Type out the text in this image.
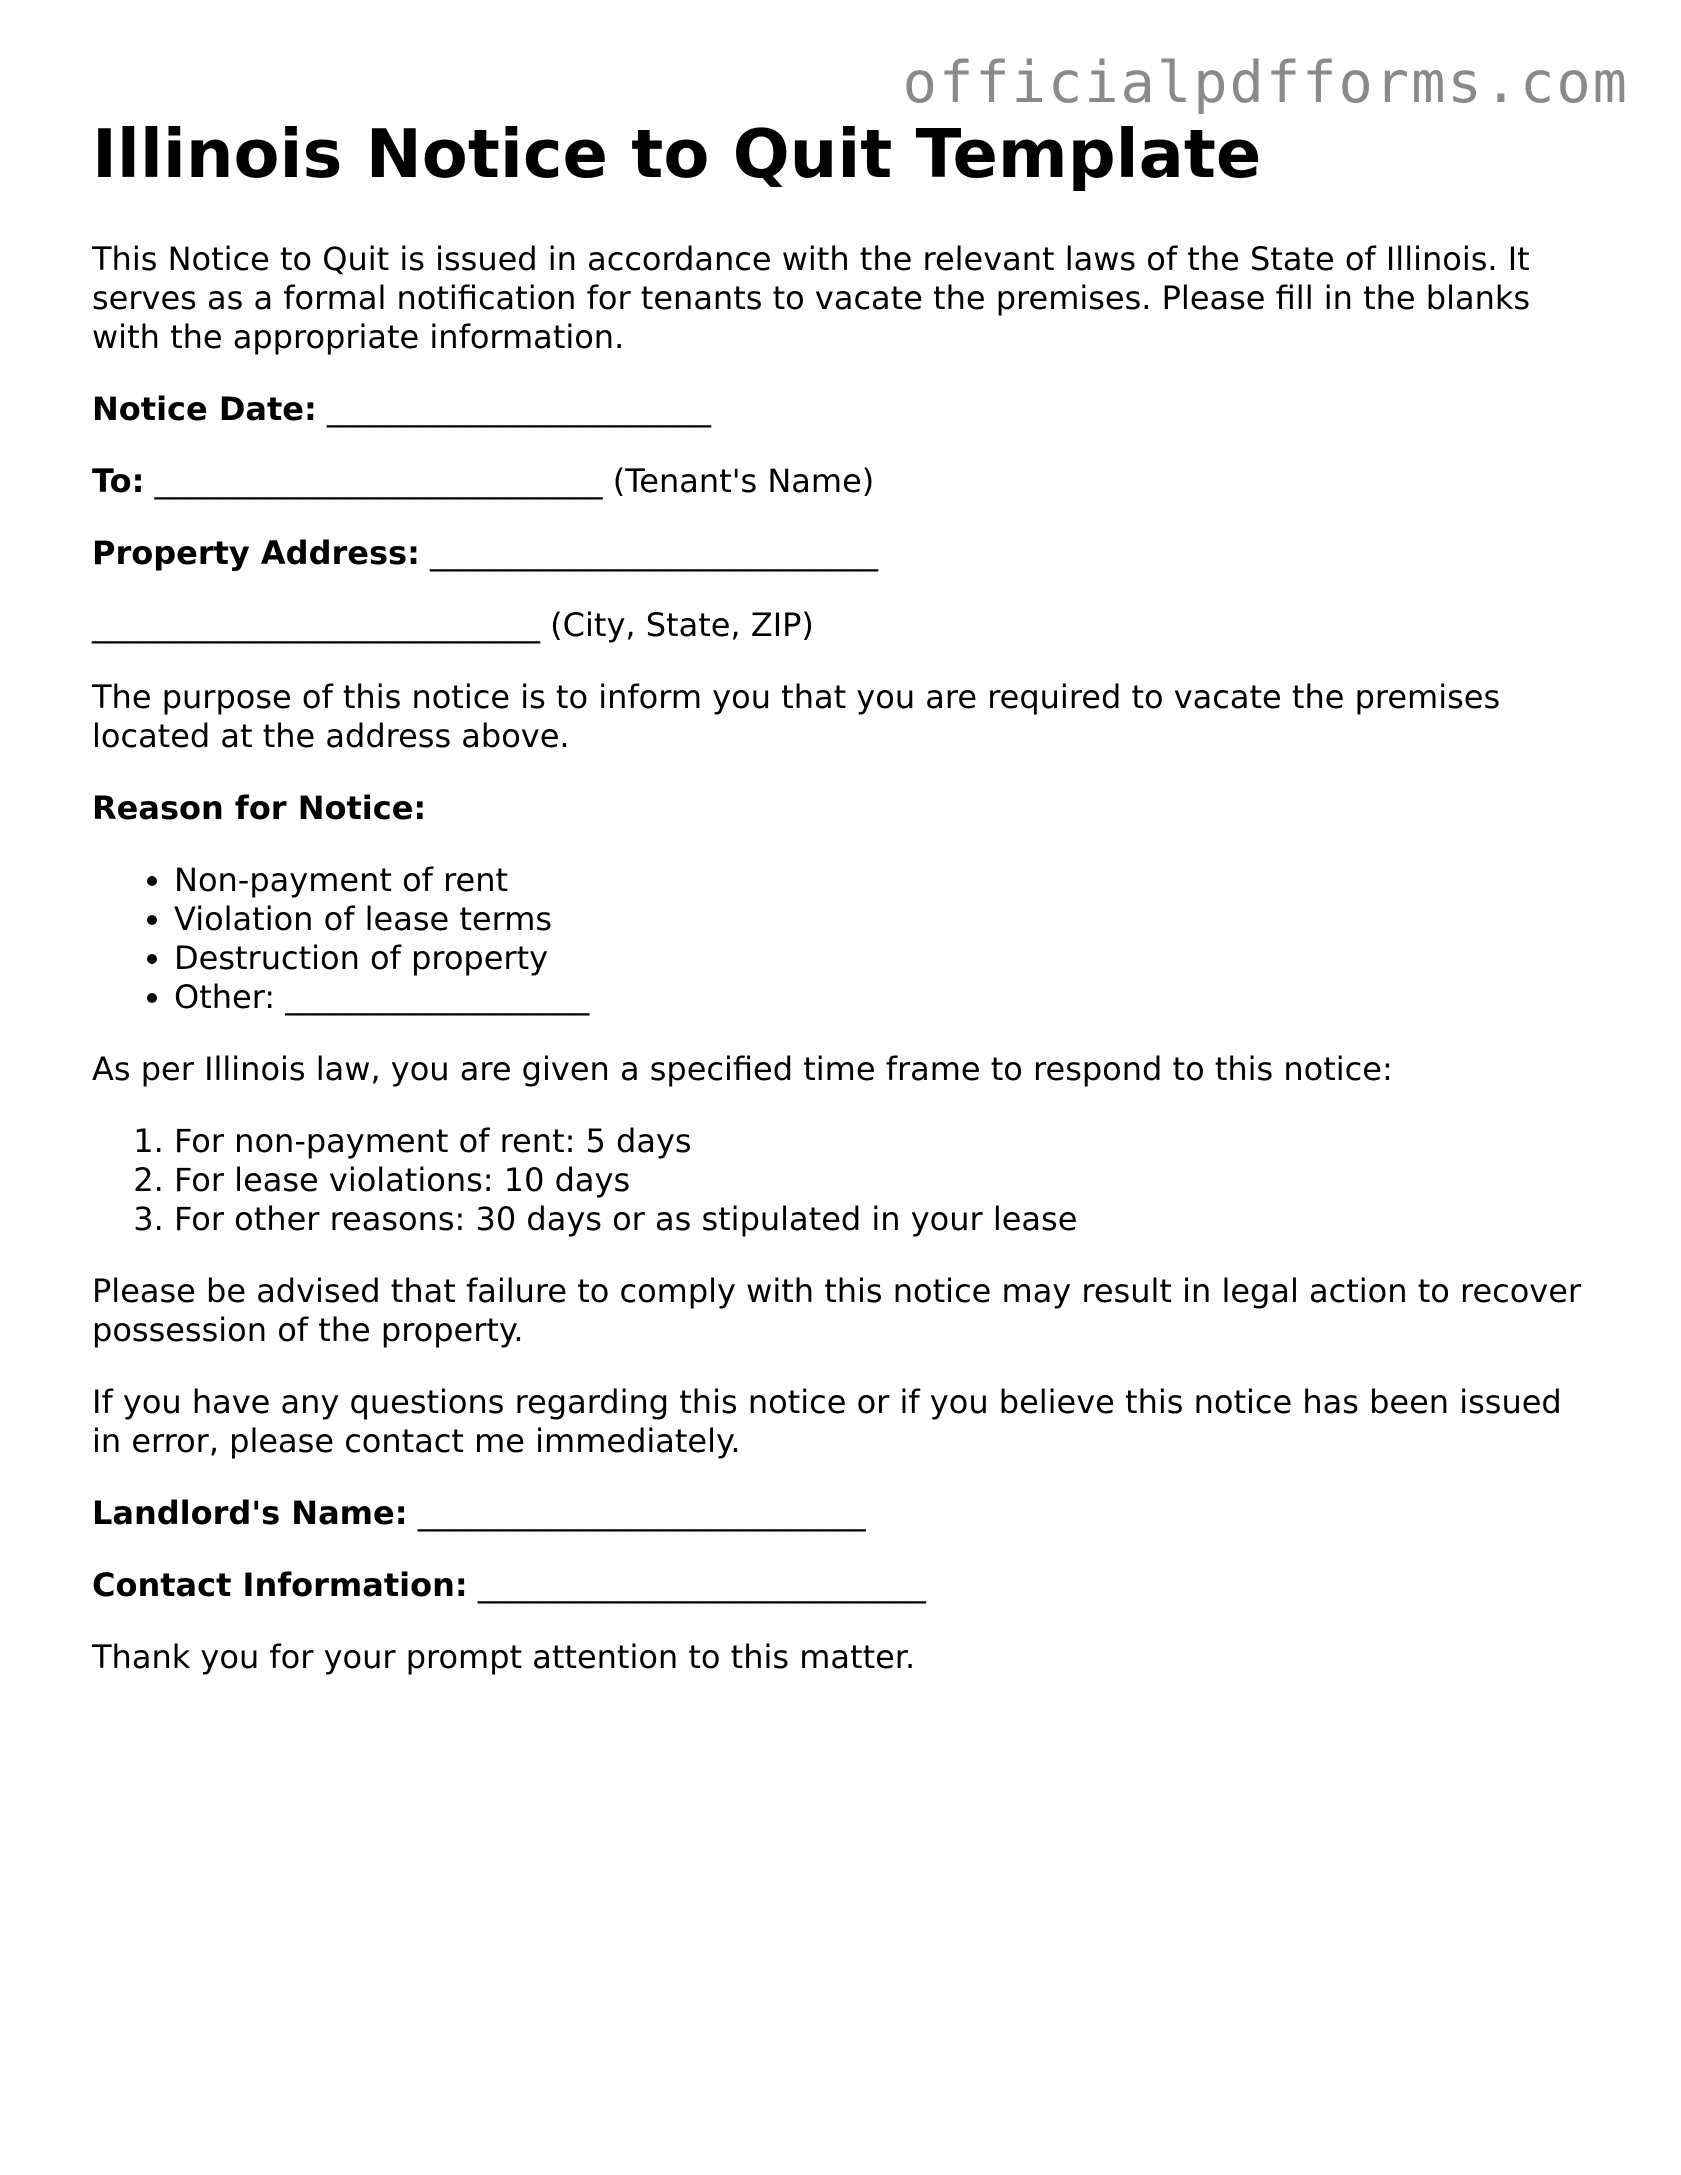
officialpdfforms.com
Illinois Notice to Quit Template

This Notice to Quit is issued in accordance with the relevant laws of the State of Illinois. It serves as a formal notification for tenants to vacate the premises. Please fill in the blanks with the appropriate information.

Notice Date: ________________________

To: ____________________________ (Tenant's Name)

Property Address: ____________________________

____________________________ (City, State, ZIP)

The purpose of this notice is to inform you that you are required to vacate the premises located at the address above.

Reason for Notice:

• Non-payment of rent
• Violation of lease terms
• Destruction of property
• Other: ___________________

As per Illinois law, you are given a specified time frame to respond to this notice:

1. For non-payment of rent: 5 days
2. For lease violations: 10 days
3. For other reasons: 30 days or as stipulated in your lease

Please be advised that failure to comply with this notice may result in legal action to recover possession of the property.

If you have any questions regarding this notice or if you believe this notice has been issued in error, please contact me immediately.

Landlord's Name: ____________________________

Contact Information: ____________________________

Thank you for your prompt attention to this matter.
